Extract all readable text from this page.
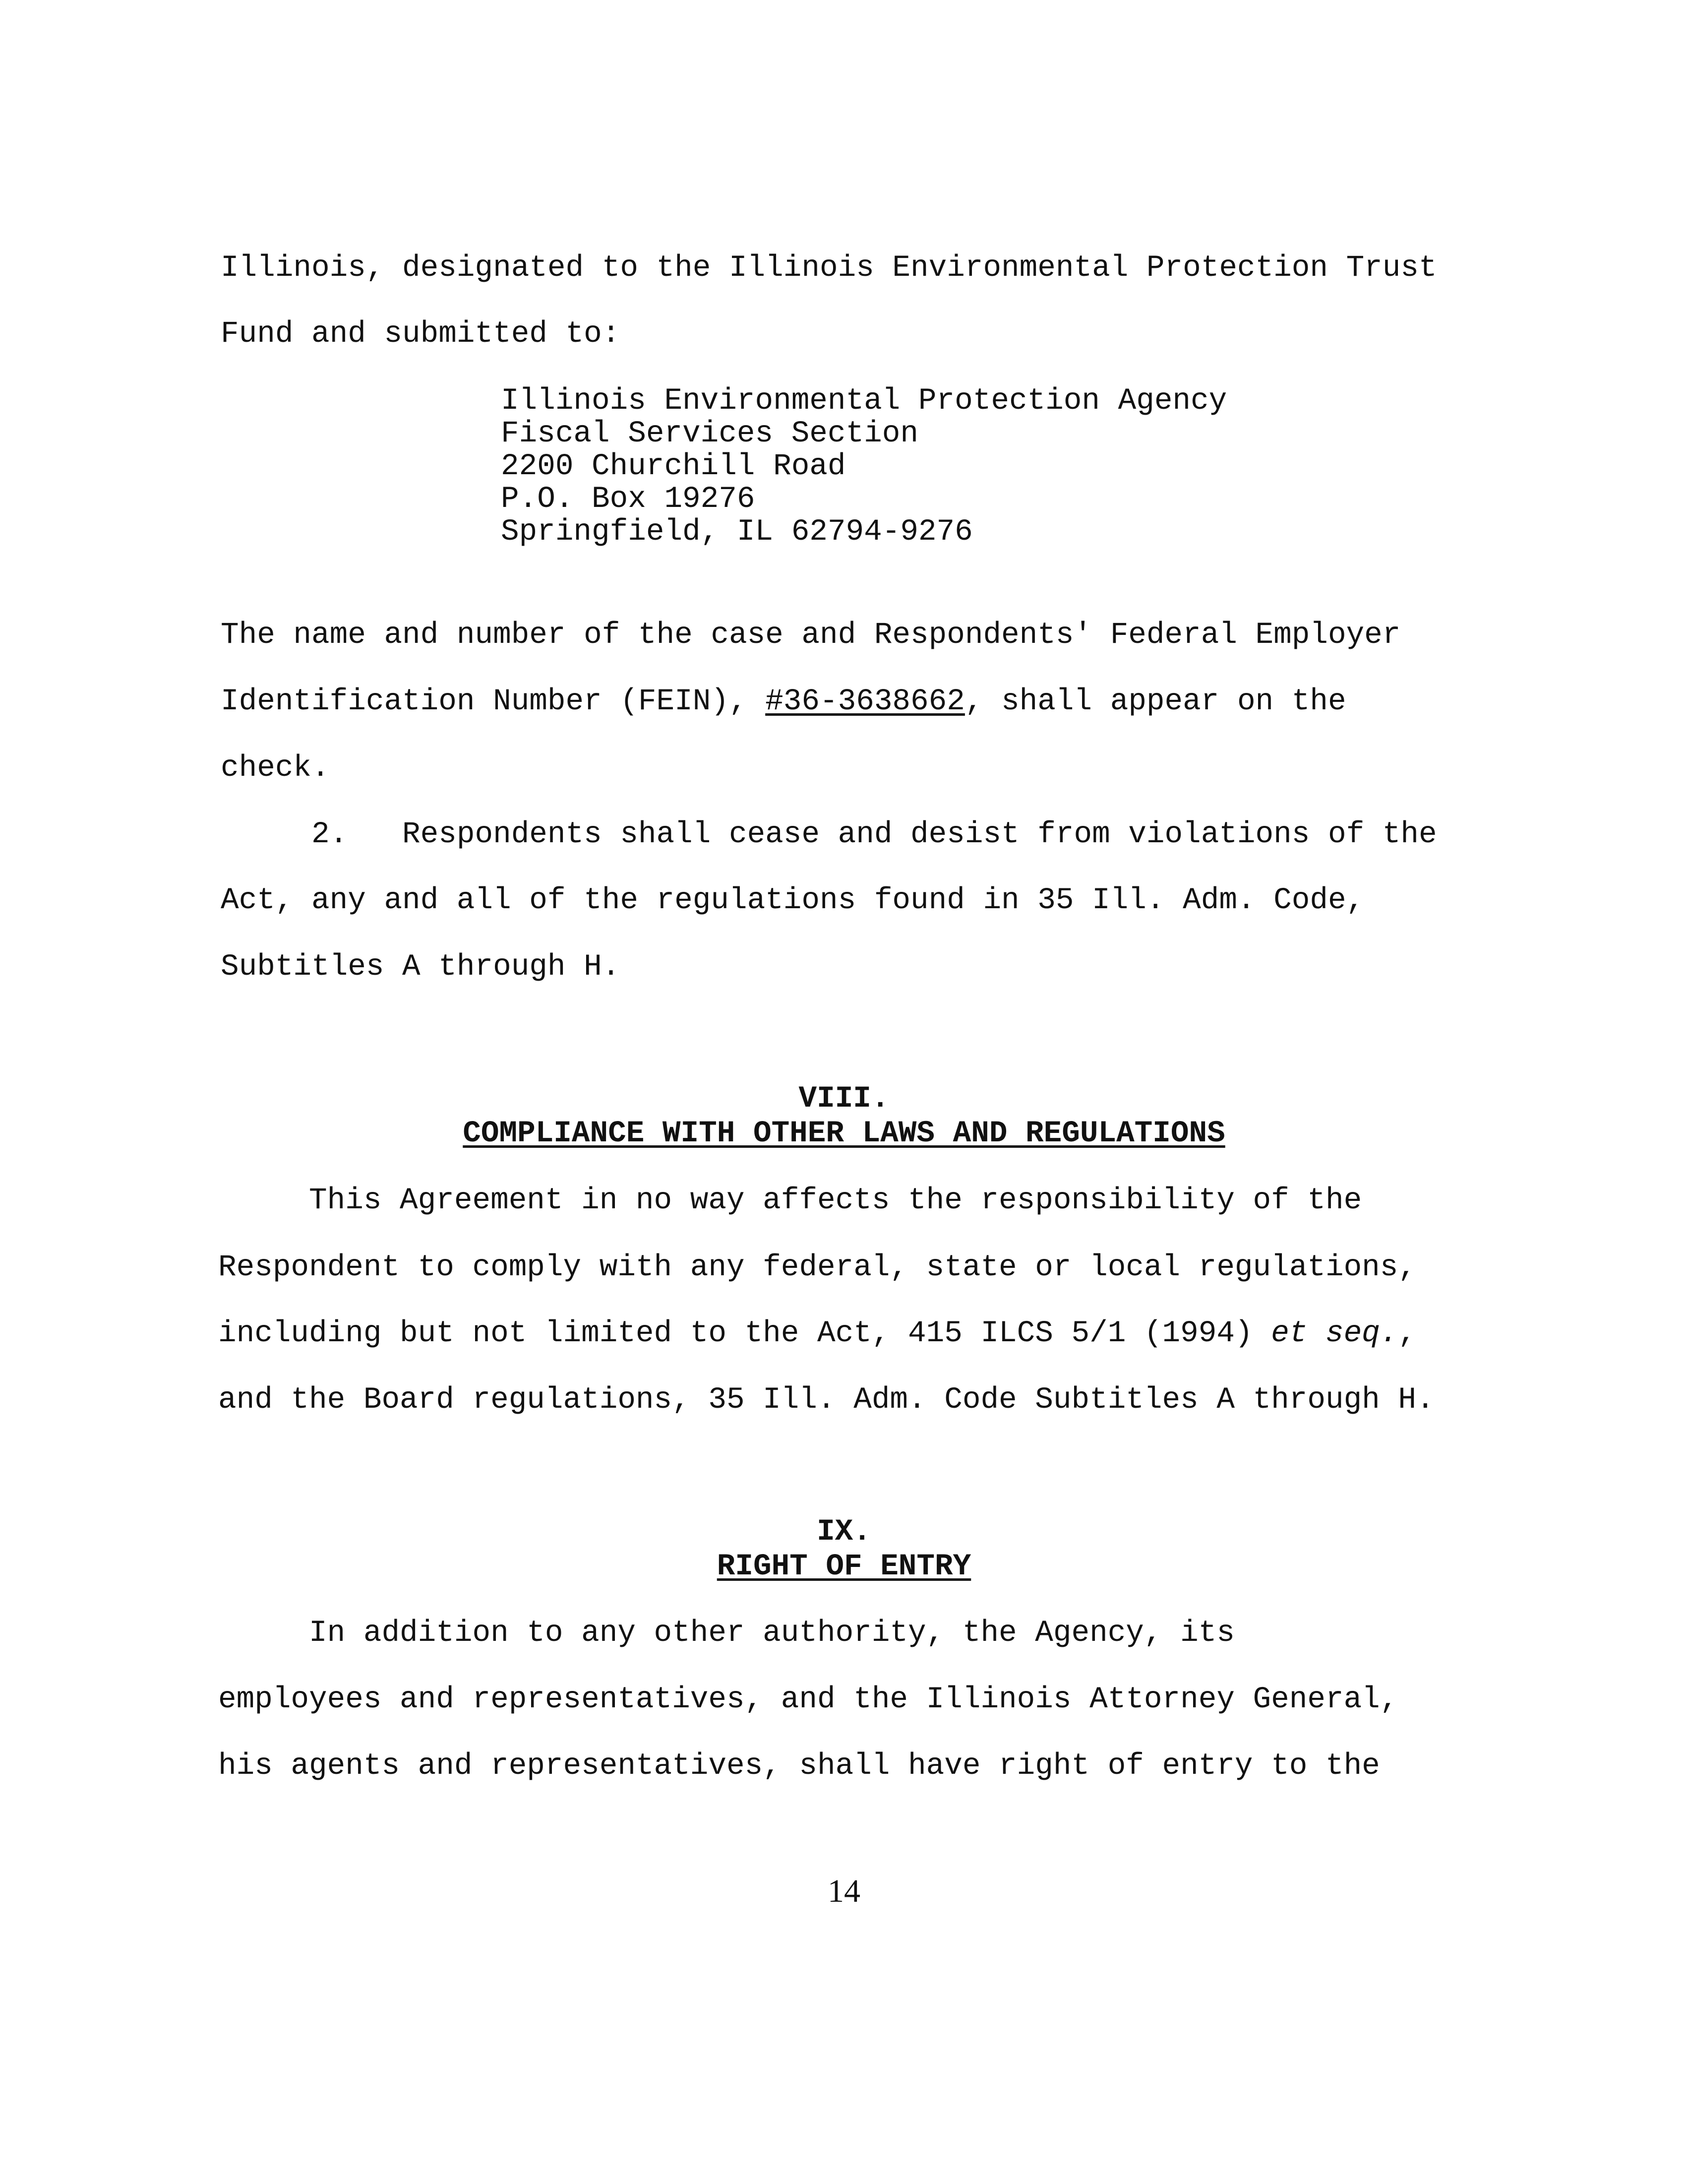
Illinois, designated to the Illinois Environmental Protection Trust
Fund and submitted to:
Illinois Environmental Protection Agency
Fiscal Services Section
2200 Churchill Road
P.O. Box 19276
Springfield, IL 62794-9276
The name and number of the case and Respondents' Federal Employer
Identification Number (FEIN), #36-3638662, shall appear on the
check.
2.   Respondents shall cease and desist from violations of the
Act, any and all of the regulations found in 35 Ill. Adm. Code,
Subtitles A through H.
VIII.
COMPLIANCE WITH OTHER LAWS AND REGULATIONS
This Agreement in no way affects the responsibility of the
Respondent to comply with any federal, state or local regulations,
including but not limited to the Act, 415 ILCS 5/1 (1994) et seq.,
and the Board regulations, 35 Ill. Adm. Code Subtitles A through H.
IX.
RIGHT OF ENTRY
In addition to any other authority, the Agency, its
employees and representatives, and the Illinois Attorney General,
his agents and representatives, shall have right of entry to the
14
